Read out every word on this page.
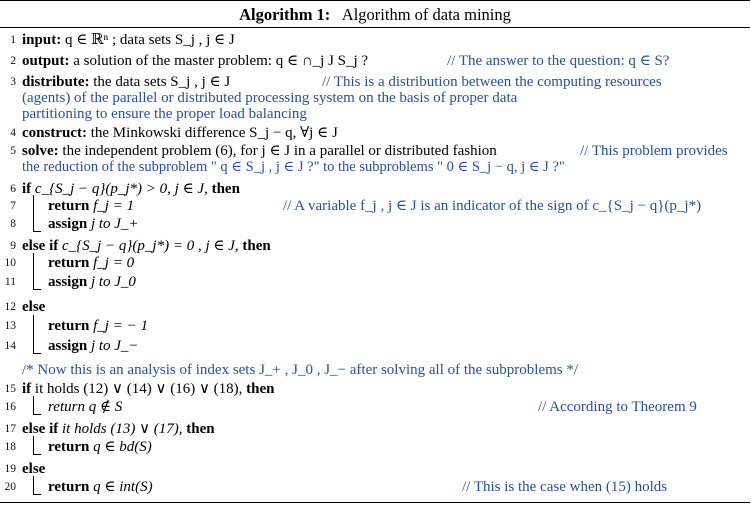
Algorithm 1: Algorithm of data mining
1 input: q ∈ ℝⁿ ; data sets S_j , j ∈ J
2 output: a solution of the master problem: q ∈ ∩_j J S_j ?	// The answer to the question: q ∈ S?
3 distribute: the data sets S_j , j ∈ J	// This is a distribution between the computing resources
(agents) of the parallel or distributed processing system on the basis of proper data
partitioning to ensure the proper load balancing
4 construct: the Minkowski difference S_j − q, ∀j ∈ J
5 solve: the independent problem (6), for j ∈ J in a parallel or distributed fashion	// This problem provides
the reduction of the subproblem " q ∈ S_j , j ∈ J ?" to the subproblems " 0 ∈ S_j − q, j ∈ J ?"
6 if c_{S_j − q}(p_j*) > 0, j ∈ J, then
7 return f_j = 1	// A variable f_j , j ∈ J is an indicator of the sign of c_{S_j − q}(p_j*)
8 assign j to J_+
9 else if c_{S_j − q}(p_j*) = 0 , j ∈ J, then
10 return f_j = 0
11 assign j to J_0
12 else
13 return f_j = − 1
14 assign j to J_−
/* Now this is an analysis of index sets J_+ , J_0 , J_− after solving all of the subproblems */
15 if it holds (12) ∨ (14) ∨ (16) ∨ (18), then
16 return q ∉ S	// According to Theorem 9
17 else if it holds (13) ∨ (17), then
18 return q ∈ bd(S)
19 else
20 return q ∈ int(S)	// This is the case when (15) holds
